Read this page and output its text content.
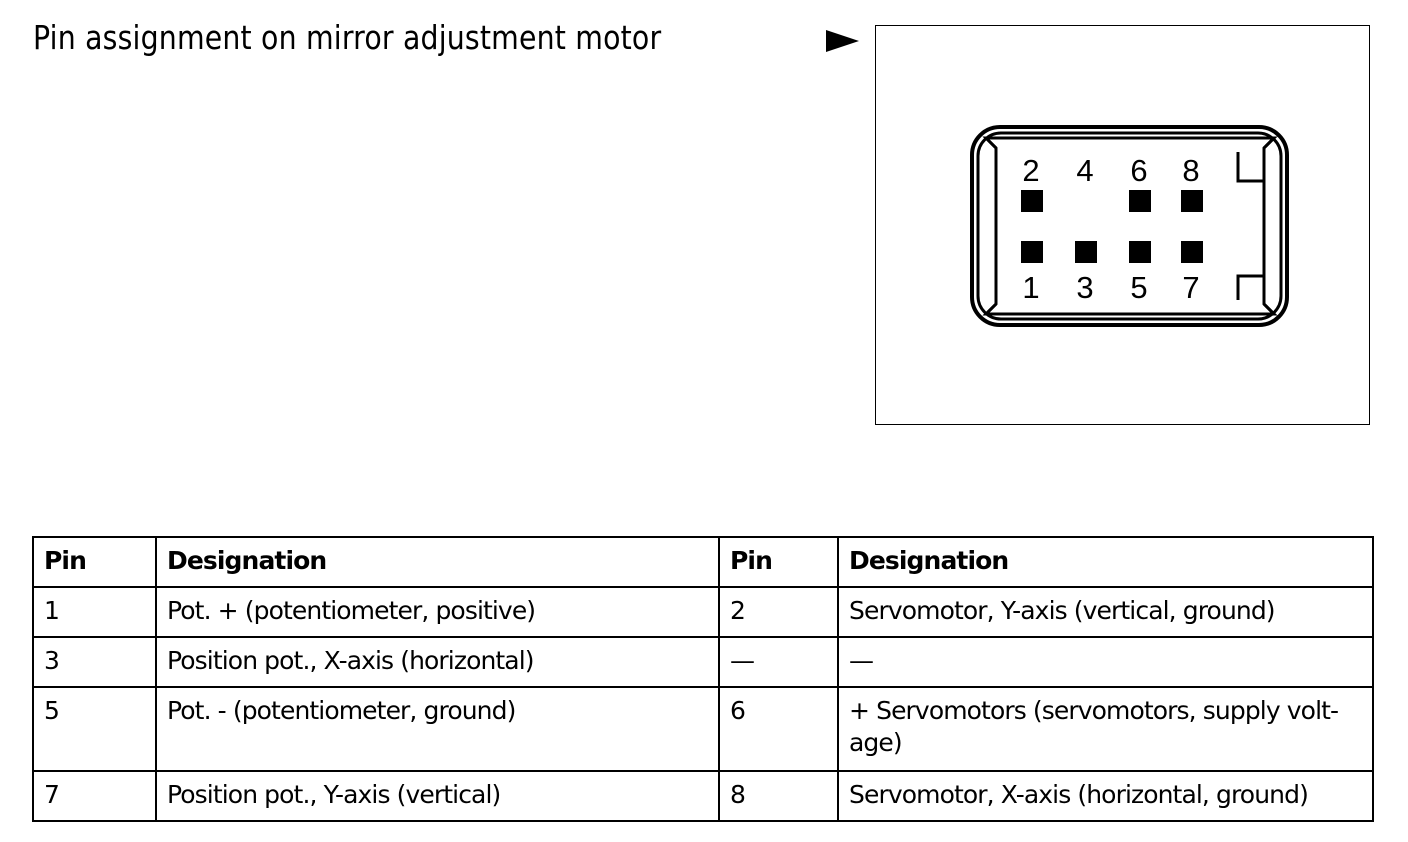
Pin assignment on mirror adjustment motor
2 4 6 8
1 3 5 7
Pin	Designation	Pin	Designation
1	Pot. + (potentiometer, positive)	2	Servomotor, Y-axis (vertical, ground)
3	Position pot., X-axis (horizontal)	—	—
5	Pot. - (potentiometer, ground)	6	+ Servomotors (servomotors, supply volt-age)
7	Position pot., Y-axis (vertical)	8	Servomotor, X-axis (horizontal, ground)
